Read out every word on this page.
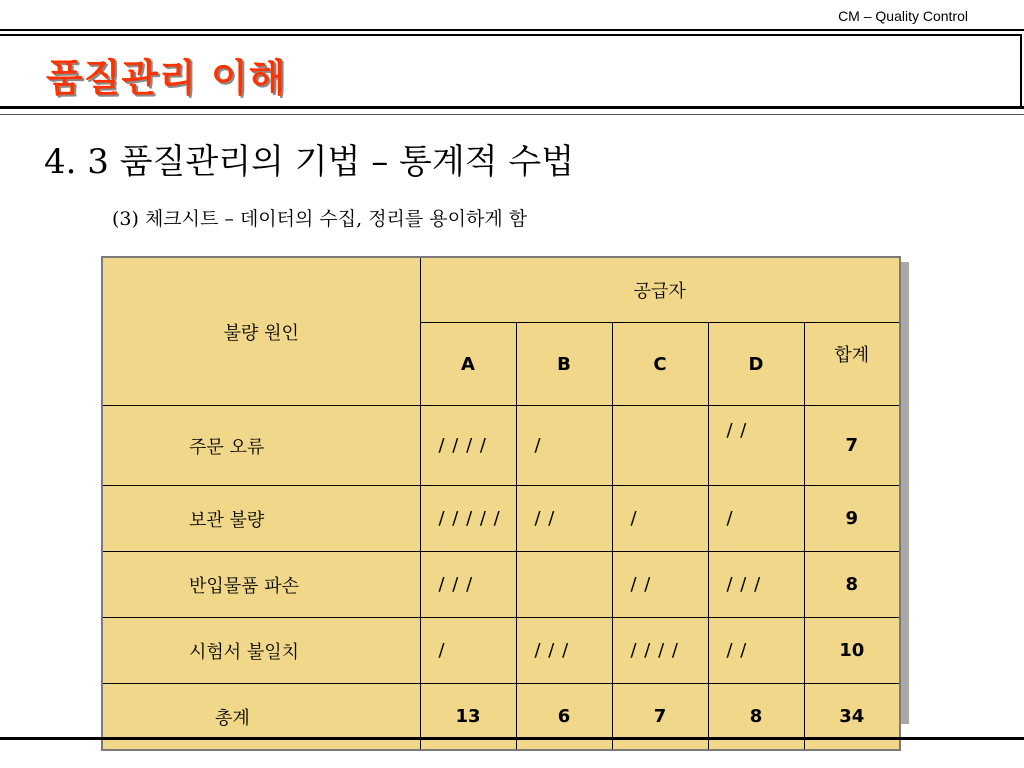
CM – Quality Control
품질관리 이해
4. 3 품질관리의 기법 – 통계적 수법
(3) 체크시트 – 데이터의 수집, 정리를 용이하게 함
불량 원인	공급자				
	A	B	C	D	합계
주문 오류	/ / / /	/		/ /	7
보관 불량	/ / / / /	/ /	/	/	9
반입물품 파손	/ / /		/ /	/ / /	8
시험서 불일치	/	/ / /	/ / / /	/ /	10
총계	13	6	7	8	34
